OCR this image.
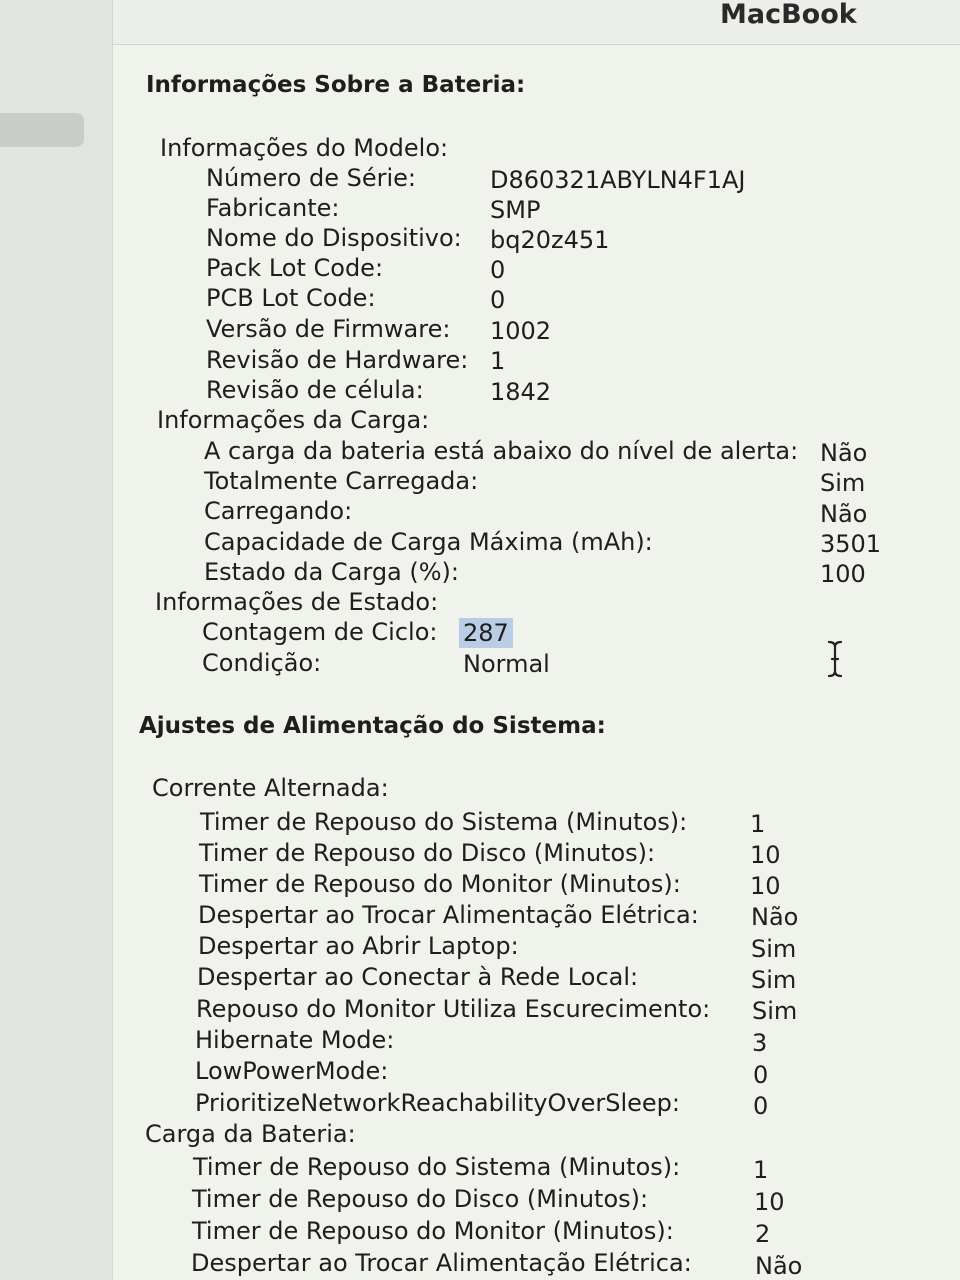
MacBook
Informações Sobre a Bateria:
Informações do Modelo:
Número de Série:	D860321ABYLN4F1AJ
Fabricante:	SMP
Nome do Dispositivo: bq20z451
Pack Lot Code:	0
PCB Lot Code:	0
Versão de Firmware: 1002
Revisão de Hardware: 1
Revisão de célula:	1842
Informações da Carga:
A carga da bateria está abaixo do nível de alerta: Não
Totalmente Carregada:	Sim
Carregando:	Não
Capacidade de Carga Máxima (mAh):	3501
Estado da Carga (%):	100
Informações de Estado:
Contagem de Ciclo: 287
Condição:	Normal
Ajustes de Alimentação do Sistema:
Corrente Alternada:
Timer de Repouso do Sistema (Minutos):	1
Timer de Repouso do Disco (Minutos):	10
Timer de Repouso do Monitor (Minutos):	10
Despertar ao Trocar Alimentação Elétrica: Não
Despertar ao Abrir Laptop:	Sim
Despertar ao Conectar à Rede Local:	Sim
Repouso do Monitor Utiliza Escurecimento: Sim
Hibernate Mode:	3
LowPowerMode:	0
PrioritizeNetworkReachabilityOverSleep:	0
Carga da Bateria:
Timer de Repouso do Sistema (Minutos):	1
Timer de Repouso do Disco (Minutos):	10
Timer de Repouso do Monitor (Minutos):	2
Despertar ao Trocar Alimentação Elétrica:	Não
